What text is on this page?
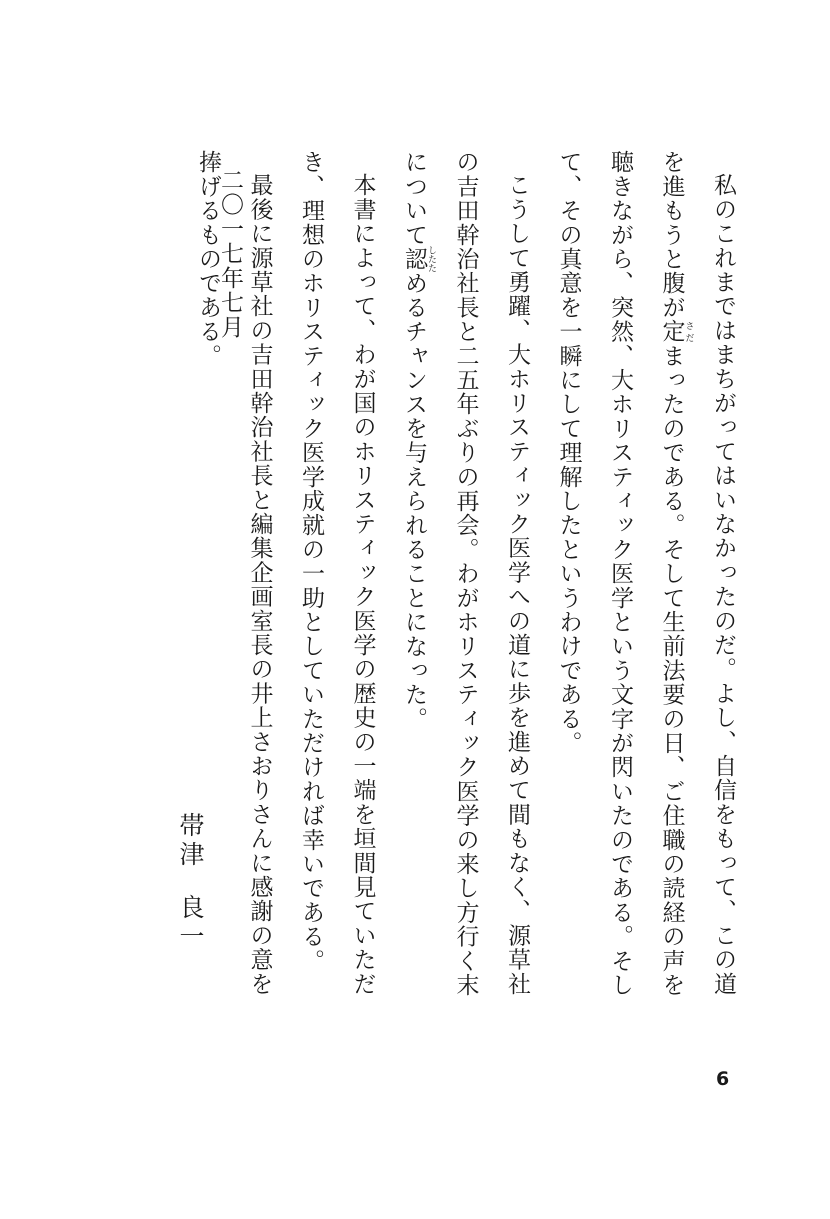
私のこれまではまちがってはいなかったのだ。よし、自信をもって、この道を進もうと腹が定 さだまったのである。そして生前法要の日、ご住職の読経の声を聴きながら、突然、大ホリスティック医学という文字が閃いたのである。そして、その真意を一瞬にして理解したというわけである。

こうして勇躍、大ホリスティック医学への道に歩を進めて間もなく、源草社の吉田幹治社長と二五年ぶりの再会。わがホリスティック医学の来し方行く末について認 したためるチャンスを与えられることになった。

本書によって、わが国のホリスティック医学の歴史の一端を垣間見ていただき、理想のホリスティック医学成就の一助としていただければ幸いである。

最後に源草社の吉田幹治社長と編集企画室長の井上さおりさんに感謝の意を捧げるものである。

二〇一七年七月

帯津良一

6
